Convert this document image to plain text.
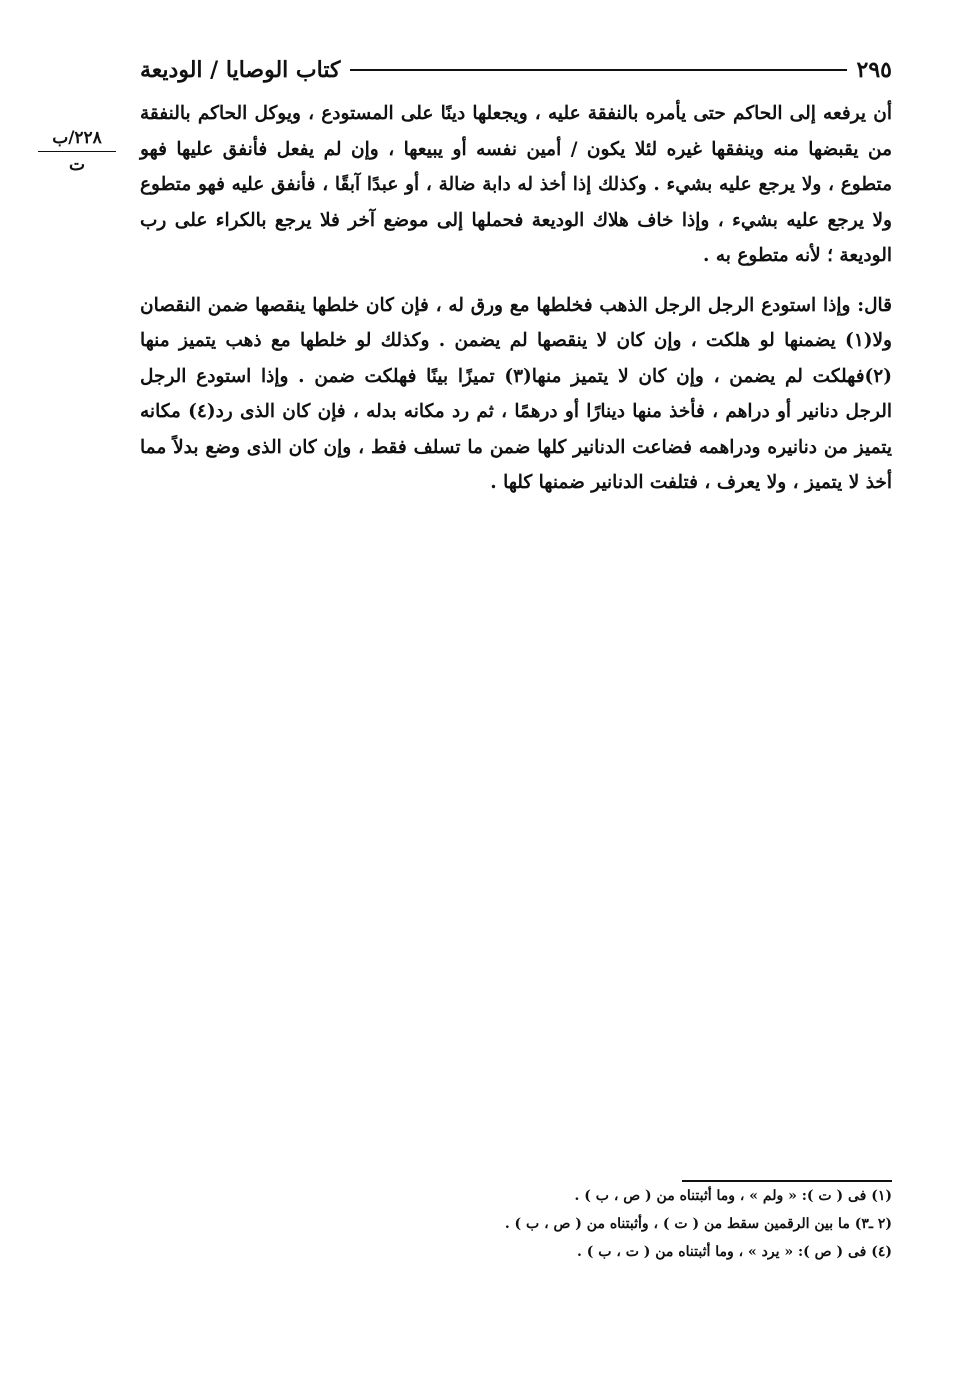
كتاب الوصايا / الوديعة	٢٩٥
٢٢٨/ب
ت

أن يرفعه إلى الحاكم حتى يأمره بالنفقة عليه ، ويجعلها دينًا على المستودع ، ويوكل الحاكم بالنفقة من يقبضها منه وينفقها غيره لئلا يكون / أمين نفسه أو يبيعها ، وإن لم يفعل فأنفق عليها فهو متطوع ، ولا يرجع عليه بشيء . وكذلك إذا أخذ له دابة ضالة ، أو عبدًا آبقًا ، فأنفق عليه فهو متطوع ولا يرجع عليه بشيء ، وإذا خاف هلاك الوديعة فحملها إلى موضع آخر فلا يرجع بالكراء على رب الوديعة ؛ لأنه متطوع به .

قال: وإذا استودع الرجل الرجل الذهب فخلطها مع ورق له ، فإن كان خلطها ينقصها ضمن النقصان ولا(١) يضمنها لو هلكت ، وإن كان لا ينقصها لم يضمن . وكذلك لو خلطها مع ذهب يتميز منها (٢)فهلكت لم يضمن ، وإن كان لا يتميز منها(٣) تميزًا بينًا فهلكت ضمن . وإذا استودع الرجل الرجل دنانير أو دراهم ، فأخذ منها دينارًا أو درهمًا ، ثم رد مكانه بدله ، فإن كان الذى رد(٤) مكانه يتميز من دنانيره ودراهمه فضاعت الدنانير كلها ضمن ما تسلف فقط ، وإن كان الذى وضع بدلاً مما أخذ لا يتميز ، ولا يعرف ، فتلفت الدنانير ضمنها كلها .

(١) فى ( ت ): « ولم » ، وما أثبتناه من ( ص ، ب ) .
(٢ ـ٣) ما بين الرقمين سقط من ( ت ) ، وأثبتناه من ( ص ، ب ) .
(٤) فى ( ص ): « يرد » ، وما أثبتناه من ( ت ، ب ) .
